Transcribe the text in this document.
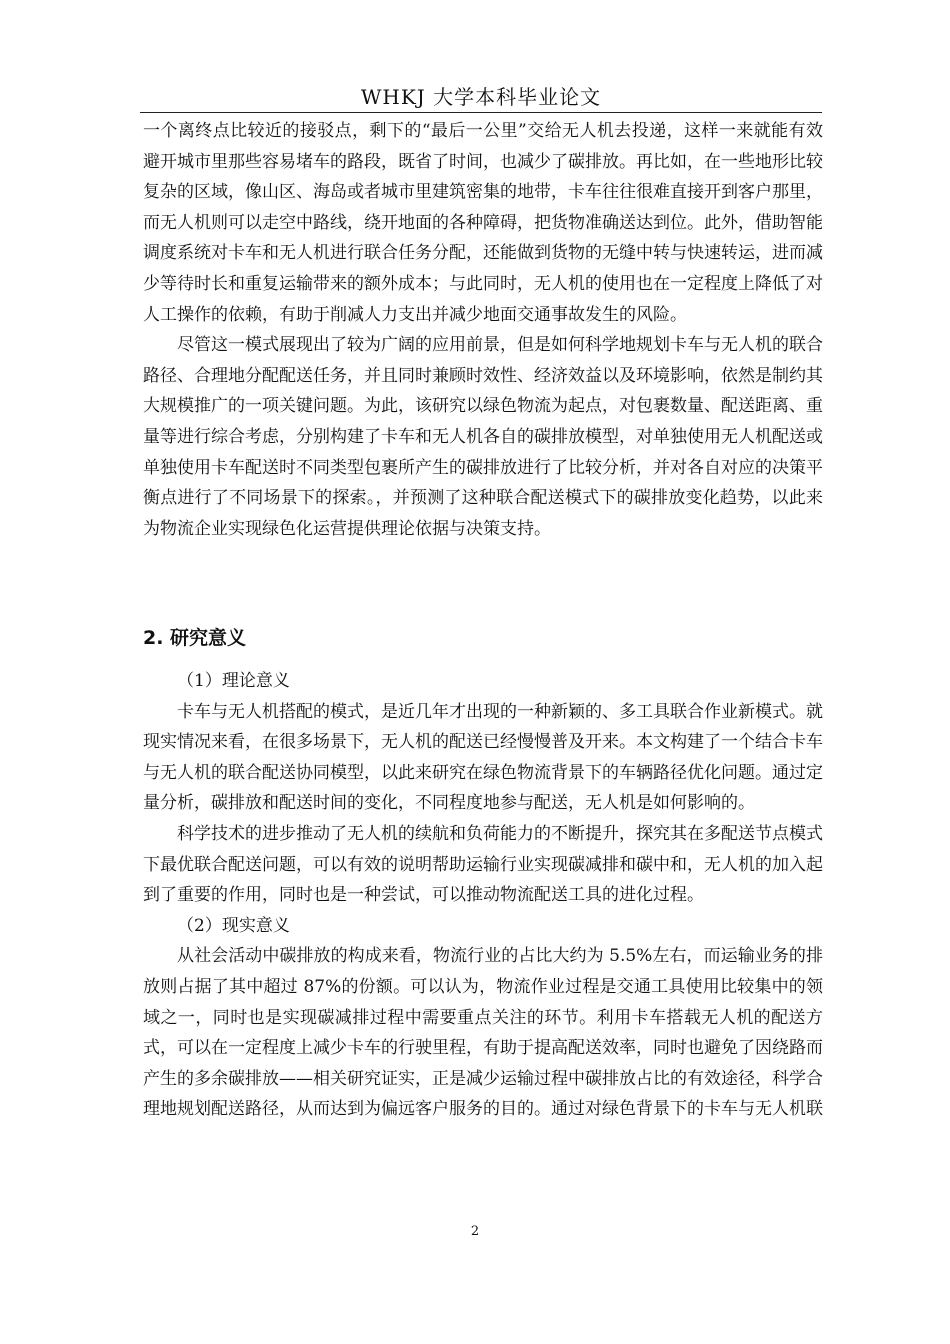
WHKJ 大学本科毕业论文

一个离终点比较近的接驳点，剩下的“最后一公里”交给无人机去投递，这样一来就能有效避开城市里那些容易堵车的路段，既省了时间，也减少了碳排放。再比如，在一些地形比较复杂的区域，像山区、海岛或者城市里建筑密集的地带，卡车往往很难直接开到客户那里，而无人机则可以走空中路线，绕开地面的各种障碍，把货物准确送达到位。此外，借助智能调度系统对卡车和无人机进行联合任务分配，还能做到货物的无缝中转与快速转运，进而减少等待时长和重复运输带来的额外成本；与此同时，无人机的使用也在一定程度上降低了对人工操作的依赖，有助于削减人力支出并减少地面交通事故发生的风险。

尽管这一模式展现出了较为广阔的应用前景，但是如何科学地规划卡车与无人机的联合路径、合理地分配配送任务，并且同时兼顾时效性、经济效益以及环境影响，依然是制约其大规模推广的一项关键问题。为此，该研究以绿色物流为起点，对包裹数量、配送距离、重量等进行综合考虑，分别构建了卡车和无人机各自的碳排放模型，对单独使用无人机配送或单独使用卡车配送时不同类型包裹所产生的碳排放进行了比较分析，并对各自对应的决策平衡点进行了不同场景下的探索。，并预测了这种联合配送模式下的碳排放变化趋势，以此来为物流企业实现绿色化运营提供理论依据与决策支持。

2. 研究意义

（1）理论意义

卡车与无人机搭配的模式，是近几年才出现的一种新颖的、多工具联合作业新模式。就现实情况来看，在很多场景下，无人机的配送已经慢慢普及开来。本文构建了一个结合卡车与无人机的联合配送协同模型，以此来研究在绿色物流背景下的车辆路径优化问题。通过定量分析，碳排放和配送时间的变化，不同程度地参与配送，无人机是如何影响的。

科学技术的进步推动了无人机的续航和负荷能力的不断提升，探究其在多配送节点模式下最优联合配送问题，可以有效的说明帮助运输行业实现碳减排和碳中和，无人机的加入起到了重要的作用，同时也是一种尝试，可以推动物流配送工具的进化过程。

（2）现实意义

从社会活动中碳排放的构成来看，物流行业的占比大约为 5.5%左右，而运输业务的排放则占据了其中超过 87%的份额。可以认为，物流作业过程是交通工具使用比较集中的领域之一，同时也是实现碳减排过程中需要重点关注的环节。利用卡车搭载无人机的配送方式，可以在一定程度上减少卡车的行驶里程，有助于提高配送效率，同时也避免了因绕路而产生的多余碳排放——相关研究证实，正是减少运输过程中碳排放占比的有效途径，科学合理地规划配送路径，从而达到为偏远客户服务的目的。通过对绿色背景下的卡车与无人机联

2
